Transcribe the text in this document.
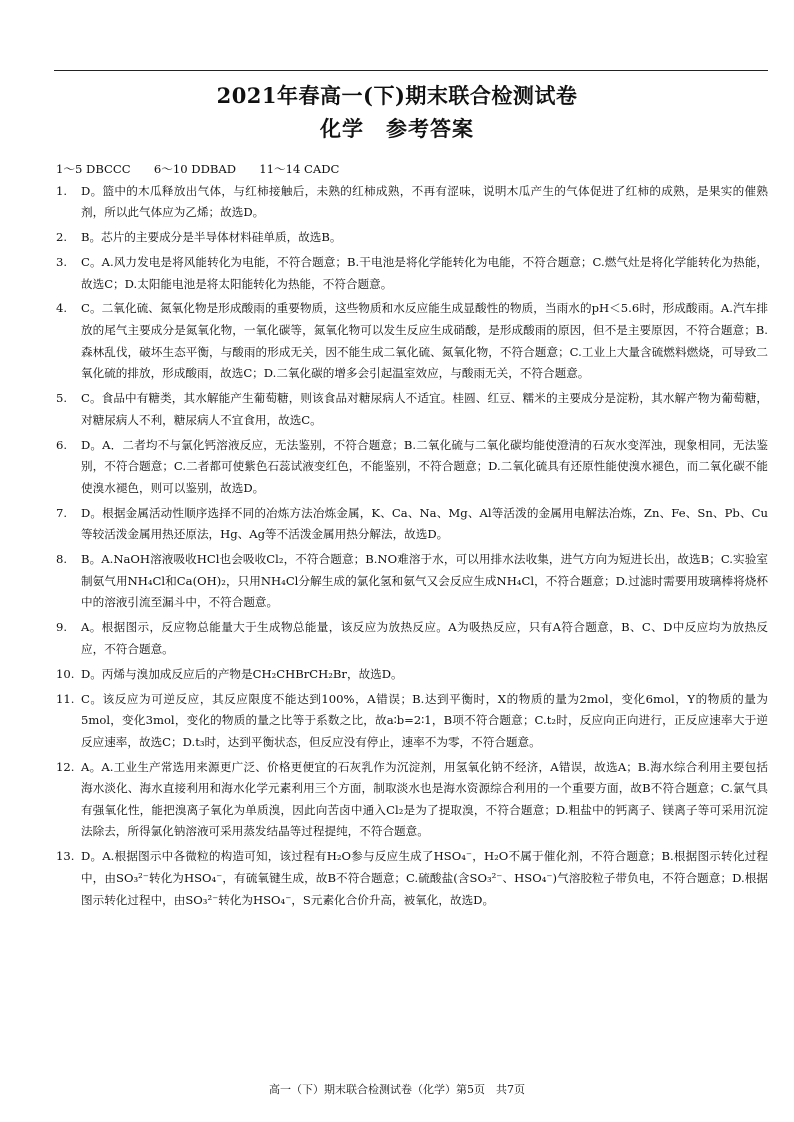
2021年春高一(下)期末联合检测试卷
化学　参考答案

1～5 DBCCC　　6～10 DDBAD　　11～14 CADC

1. D。篮中的木瓜释放出气体，与红柿接触后，未熟的红柿成熟，不再有涩味，说明木瓜产生的气体促进了红柿的成熟，是果实的催熟剂，所以此气体应为乙烯；故选D。

2. B。芯片的主要成分是半导体材料硅单质，故选B。

3. C。A.风力发电是将风能转化为电能，不符合题意；B.干电池是将化学能转化为电能，不符合题意；C.燃气灶是将化学能转化为热能，故选C；D.太阳能电池是将太阳能转化为热能，不符合题意。

4. C。二氧化硫、氮氧化物是形成酸雨的重要物质，这些物质和水反应能生成显酸性的物质，当雨水的pH＜5.6时，形成酸雨。A.汽车排放的尾气主要成分是氮氧化物，一氧化碳等，氮氧化物可以发生反应生成硝酸，是形成酸雨的原因，但不是主要原因，不符合题意；B.森林乱伐，破坏生态平衡，与酸雨的形成无关，因不能生成二氧化硫、氮氧化物，不符合题意；C.工业上大量含硫燃料燃烧，可导致二氧化硫的排放，形成酸雨，故选C；D.二氧化碳的增多会引起温室效应，与酸雨无关，不符合题意。

5. C。食品中有糖类，其水解能产生葡萄糖，则该食品对糖尿病人不适宜。桂圆、红豆、糯米的主要成分是淀粉，其水解产物为葡萄糖，对糖尿病人不利，糖尿病人不宜食用，故选C。

6. D。A．二者均不与氯化钙溶液反应，无法鉴别，不符合题意；B.二氧化硫与二氧化碳均能使澄清的石灰水变浑浊，现象相同，无法鉴别，不符合题意；C.二者都可使紫色石蕊试液变红色，不能鉴别，不符合题意；D.二氧化硫具有还原性能使溴水褪色，而二氧化碳不能使溴水褪色，则可以鉴别，故选D。

7. D。根据金属活动性顺序选择不同的冶炼方法冶炼金属，K、Ca、Na、Mg、Al等活泼的金属用电解法冶炼，Zn、Fe、Sn、Pb、Cu等较活泼金属用热还原法，Hg、Ag等不活泼金属用热分解法，故选D。

8. B。A.NaOH溶液吸收HCl也会吸收Cl₂，不符合题意；B.NO难溶于水，可以用排水法收集，进气方向为短进长出，故选B；C.实验室制氨气用NH₄Cl和Ca(OH)₂，只用NH₄Cl分解生成的氯化氢和氨气又会反应生成NH₄Cl，不符合题意；D.过滤时需要用玻璃棒将烧杯中的溶液引流至漏斗中，不符合题意。

9. A。根据图示，反应物总能量大于生成物总能量，该反应为放热反应。A为吸热反应，只有A符合题意，B、C、D中反应均为放热反应，不符合题意。

10. D。丙烯与溴加成反应后的产物是CH₂CHBrCH₂Br，故选D。

11. C。该反应为可逆反应，其反应限度不能达到100%，A错误；B.达到平衡时，X的物质的量为2mol，变化6mol，Y的物质的量为5mol，变化3mol，变化的物质的量之比等于系数之比，故a∶b=2∶1，B项不符合题意；C.t₂时，反应向正向进行，正反应速率大于逆反应速率，故选C；D.t₃时，达到平衡状态，但反应没有停止，速率不为零，不符合题意。

12. A。A.工业生产常选用来源更广泛、价格更便宜的石灰乳作为沉淀剂，用氢氧化钠不经济，A错误，故选A；B.海水综合利用主要包括海水淡化、海水直接利用和海水化学元素利用三个方面，制取淡水也是海水资源综合利用的一个重要方面，故B不符合题意；C.氯气具有强氧化性，能把溴离子氧化为单质溴，因此向苦卤中通入Cl₂是为了提取溴，不符合题意；D.粗盐中的钙离子、镁离子等可采用沉淀法除去，所得氯化钠溶液可采用蒸发结晶等过程提纯，不符合题意。

13. D。A.根据图示中各微粒的构造可知，该过程有H₂O参与反应生成了HSO₄⁻，H₂O不属于催化剂，不符合题意；B.根据图示转化过程中，由SO₃²⁻转化为HSO₄⁻，有硫氧键生成，故B不符合题意；C.硫酸盐(含SO₃²⁻、HSO₄⁻)气溶胶粒子带负电，不符合题意；D.根据图示转化过程中，由SO₃²⁻转化为HSO₄⁻，S元素化合价升高，被氧化，故选D。

高一（下）期末联合检测试卷（化学）第5页　共7页
